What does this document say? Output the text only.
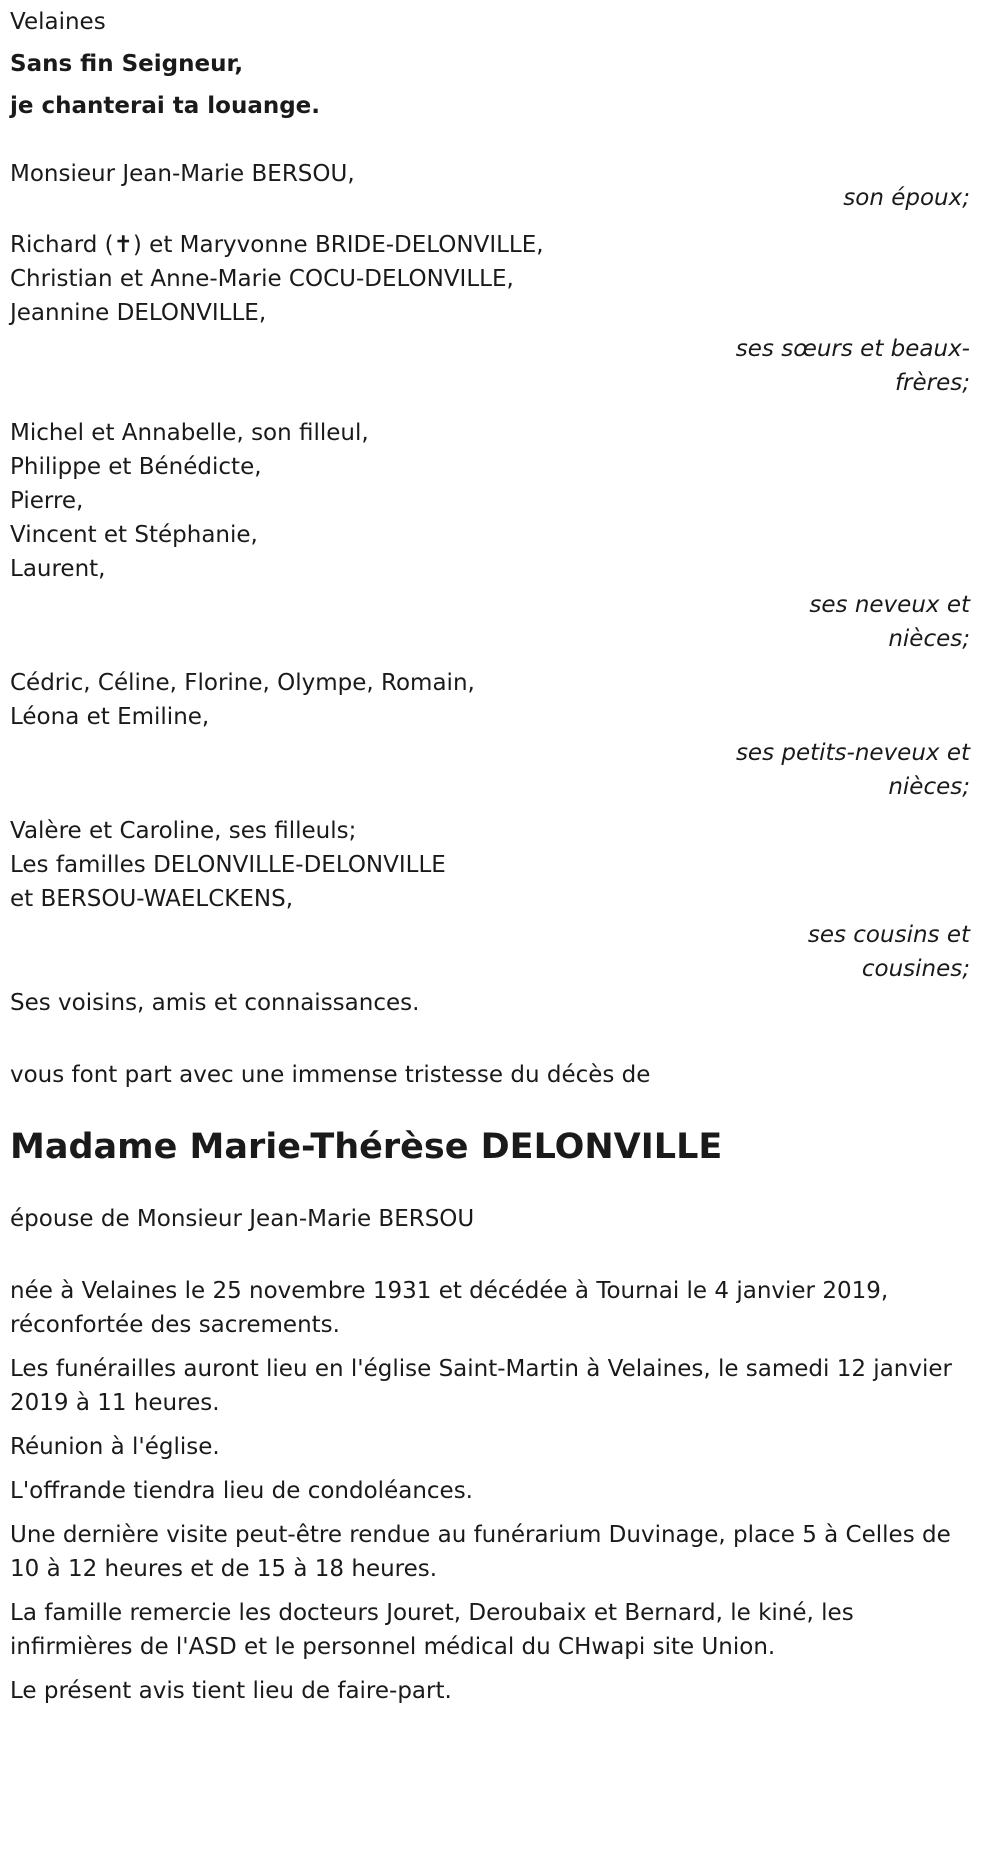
Velaines
Sans fin Seigneur,
je chanterai ta louange.
Monsieur Jean-Marie BERSOU,
son époux;
Richard (✝) et Maryvonne BRIDE-DELONVILLE,
Christian et Anne-Marie COCU-DELONVILLE,
Jeannine DELONVILLE,
ses sœurs et beaux-frères;
Michel et Annabelle, son filleul,
Philippe et Bénédicte,
Pierre,
Vincent et Stéphanie,
Laurent,
ses neveux et nièces;
Cédric, Céline, Florine, Olympe, Romain,
Léona et Emiline,
ses petits-neveux et nièces;
Valère et Caroline, ses filleuls;
Les familles DELONVILLE-DELONVILLE
et BERSOU-WAELCKENS,
ses cousins et cousines;
Ses voisins, amis et connaissances.
vous font part avec une immense tristesse du décès de
Madame Marie-Thérèse DELONVILLE
épouse de Monsieur Jean-Marie BERSOU

née à Velaines le 25 novembre 1931 et décédée à Tournai le 4 janvier 2019, réconfortée des sacrements.

Les funérailles auront lieu en l'église Saint-Martin à Velaines, le samedi 12 janvier 2019 à 11 heures.

Réunion à l'église.

L'offrande tiendra lieu de condoléances.

Une dernière visite peut-être rendue au funérarium Duvinage, place 5 à Celles de 10 à 12 heures et de 15 à 18 heures.

La famille remercie les docteurs Jouret, Deroubaix et Bernard, le kiné, les infirmières de l'ASD et le personnel médical du CHwapi site Union.

Le présent avis tient lieu de faire-part.
